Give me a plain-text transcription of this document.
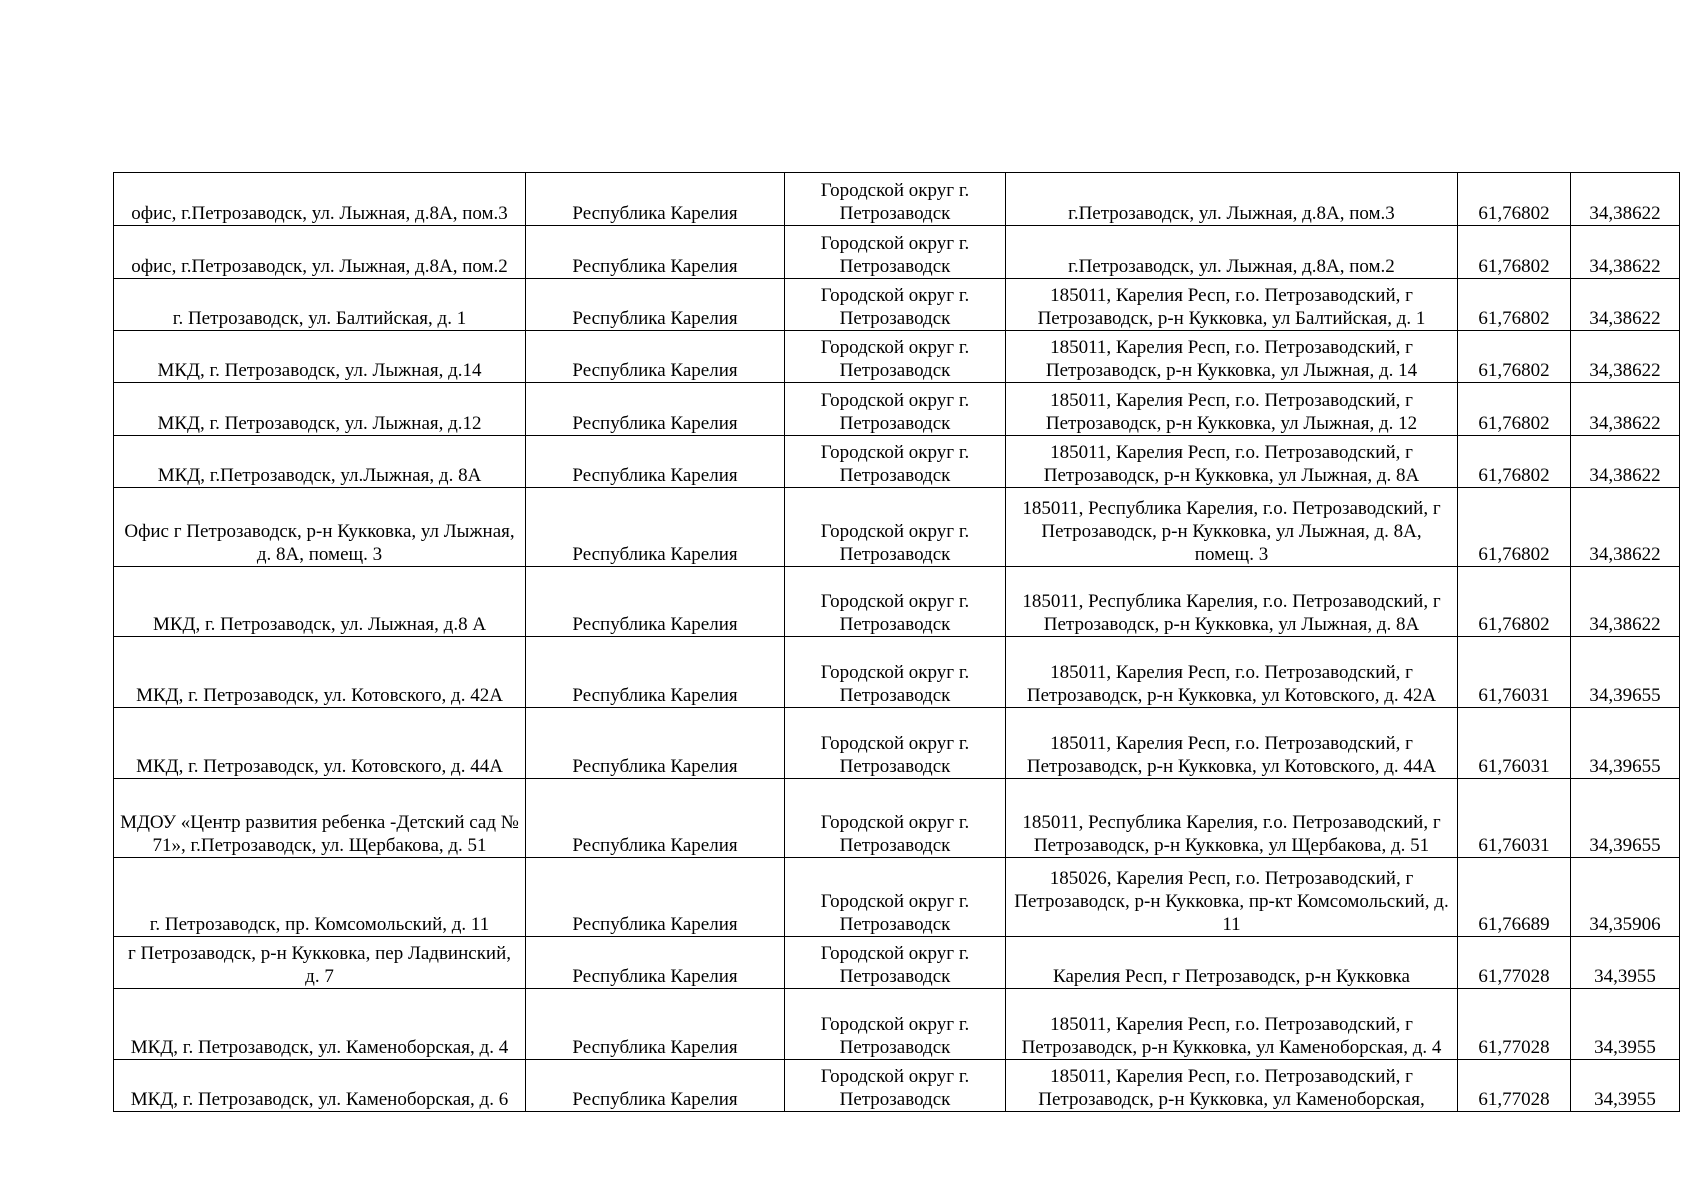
офис, г.Петрозаводск, ул. Лыжная, д.8А, пом.3	Республика Карелия	Городской округ г. Петрозаводск	г.Петрозаводск, ул. Лыжная, д.8А, пом.3	61,76802	34,38622
офис, г.Петрозаводск, ул. Лыжная, д.8А, пом.2	Республика Карелия	Городской округ г. Петрозаводск	г.Петрозаводск, ул. Лыжная, д.8А, пом.2	61,76802	34,38622
г. Петрозаводск, ул. Балтийская, д. 1	Республика Карелия	Городской округ г. Петрозаводск	185011, Карелия Респ, г.о. Петрозаводский, г Петрозаводск, р-н Кукковка, ул Балтийская, д. 1	61,76802	34,38622
МКД, г. Петрозаводск, ул. Лыжная, д.14	Республика Карелия	Городской округ г. Петрозаводск	185011, Карелия Респ, г.о. Петрозаводский, г Петрозаводск, р-н Кукковка, ул Лыжная, д. 14	61,76802	34,38622
МКД, г. Петрозаводск, ул. Лыжная, д.12	Республика Карелия	Городской округ г. Петрозаводск	185011, Карелия Респ, г.о. Петрозаводский, г Петрозаводск, р-н Кукковка, ул Лыжная, д. 12	61,76802	34,38622
МКД, г.Петрозаводск, ул.Лыжная, д. 8А	Республика Карелия	Городской округ г. Петрозаводск	185011, Карелия Респ, г.о. Петрозаводский, г Петрозаводск, р-н Кукковка, ул Лыжная, д. 8А	61,76802	34,38622
Офис г Петрозаводск, р-н Кукковка, ул Лыжная, д. 8А, помещ. 3	Республика Карелия	Городской округ г. Петрозаводск	185011, Республика Карелия, г.о. Петрозаводский, г Петрозаводск, р-н Кукковка, ул Лыжная, д. 8А, помещ. 3	61,76802	34,38622
МКД, г. Петрозаводск, ул. Лыжная, д.8 А	Республика Карелия	Городской округ г. Петрозаводск	185011, Республика Карелия, г.о. Петрозаводский, г Петрозаводск, р-н Кукковка, ул Лыжная, д. 8А	61,76802	34,38622
МКД, г. Петрозаводск, ул. Котовского, д. 42А	Республика Карелия	Городской округ г. Петрозаводск	185011, Карелия Респ, г.о. Петрозаводский, г Петрозаводск, р-н Кукковка, ул Котовского, д. 42А	61,76031	34,39655
МКД, г. Петрозаводск, ул. Котовского, д. 44А	Республика Карелия	Городской округ г. Петрозаводск	185011, Карелия Респ, г.о. Петрозаводский, г Петрозаводск, р-н Кукковка, ул Котовского, д. 44А	61,76031	34,39655
МДОУ «Центр развития ребенка -Детский сад № 71», г.Петрозаводск, ул. Щербакова, д. 51	Республика Карелия	Городской округ г. Петрозаводск	185011, Республика Карелия, г.о. Петрозаводский, г Петрозаводск, р-н Кукковка, ул Щербакова, д. 51	61,76031	34,39655
г. Петрозаводск, пр. Комсомольский, д. 11	Республика Карелия	Городской округ г. Петрозаводск	185026, Карелия Респ, г.о. Петрозаводский, г Петрозаводск, р-н Кукковка, пр-кт Комсомольский, д. 11	61,76689	34,35906
г Петрозаводск, р-н Кукковка, пер Ладвинский, д. 7	Республика Карелия	Городской округ г. Петрозаводск	Карелия Респ, г Петрозаводск, р-н Кукковка	61,77028	34,3955
МКД, г. Петрозаводск, ул. Каменоборская, д. 4	Республика Карелия	Городской округ г. Петрозаводск	185011, Карелия Респ, г.о. Петрозаводский, г Петрозаводск, р-н Кукковка, ул Каменоборская, д. 4	61,77028	34,3955
МКД, г. Петрозаводск, ул. Каменоборская, д. 6	Республика Карелия	Городской округ г. Петрозаводск	185011, Карелия Респ, г.о. Петрозаводский, г Петрозаводск, р-н Кукковка, ул Каменоборская,	61,77028	34,3955
